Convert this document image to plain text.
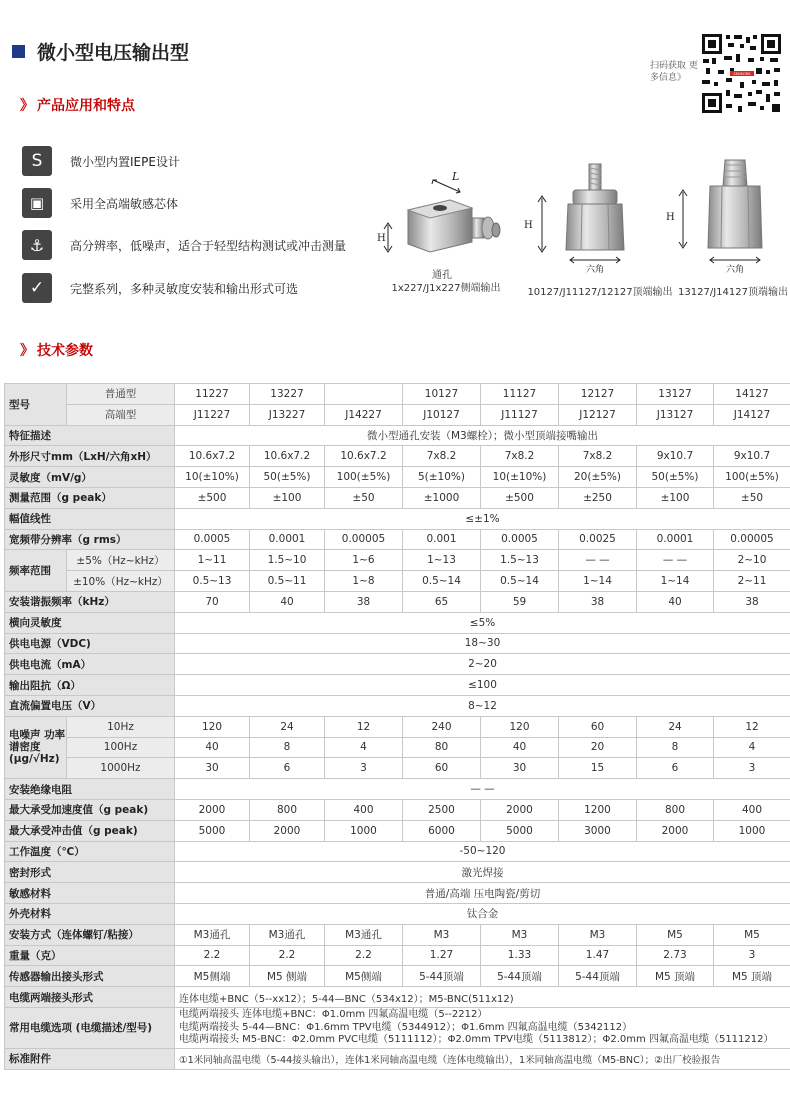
微小型电压输出型
扫码获取 更多信息》	SENSORS
》 产品应用和特点
S	微小型内置IEPE设计
▣	采用全高端敏感芯体
⚓	高分辨率，低噪声，适合于轻型结构测试或冲击测量
✓	完整系列，多种灵敏度安装和输出形式可选
H
L
H
六角
H
六角
通孔
1x227/J1x227侧端输出	10127/J11127/12127顶端输出 13127/J14127顶端输出
》 技术参数
型号	普通型	11227	13227		10127	11127	12127	13127	14127
	高端型	J11227	J13227	J14227	J10127	J11127	J12127	J13127	J14127
特征描述		微小型通孔安装（M3螺栓）；微小型顶端接嘴输出							
外形尺寸mm（LxH/六角xH）		10.6x7.2	10.6x7.2	10.6x7.2	7x8.2	7x8.2	7x8.2	9x10.7	9x10.7
灵敏度（mV/g）		10(±10%)	50(±5%)	100(±5%)	5(±10%)	10(±10%)	20(±5%)	50(±5%)	100(±5%)
测量范围（g peak）		±500	±100	±50	±1000	±500	±250	±100	±50
幅值线性		≤±1%							
宽频带分辨率（g rms）		0.0005	0.0001	0.00005	0.001	0.0005	0.0025	0.0001	0.00005
频率范围	±5%（Hz~kHz）	1~11	1.5~10	1~6	1~13	1.5~13	— —	— —	2~10
	±10%（Hz~kHz）	0.5~13	0.5~11	1~8	0.5~14	0.5~14	1~14	1~14	2~11
安装谐振频率（kHz）		70	40	38	65	59	38	40	38
横向灵敏度		≤5%							
供电电源（VDC)		18~30							
供电电流（mA）		2~20							
输出阻抗（Ω）		≤100							
直流偏置电压（V）		8~12							
电噪声 功率谱密度 (μg/√Hz)	10Hz	120	24	12	240	120	60	24	12
	100Hz	40	8	4	80	40	20	8	4
	1000Hz	30	6	3	60	30	15	6	3
安装绝缘电阻		— —							
最大承受加速度值（g peak)		2000	800	400	2500	2000	1200	800	400
最大承受冲击值（g peak)		5000	2000	1000	6000	5000	3000	2000	1000
工作温度（℃）		-50~120							
密封形式		激光焊接							
敏感材料		普通/高端 压电陶瓷/剪切							
外壳材料		钛合金							
安装方式（连体螺钉/粘接）		M3通孔	M3通孔	M3通孔	M3	M3	M3	M5	M5
重量（克）		2.2	2.2	2.2	1.27	1.33	1.47	2.73	3
传感器输出接头形式		M5侧端	M5 侧端	M5侧端	5-44顶端	5-44顶端	5-44顶端	M5 顶端	M5 顶端
电缆两端接头形式		连体电缆+BNC（5--xx12）；5-44—BNC（534x12）；M5-BNC(511x12)							
常用电缆选项 (电缆描述/型号)		电缆两端接头 连体电缆+BNC：Φ1.0mm 四氟高温电缆（5--2212）
电缆两端接头 5-44—BNC：Φ1.6mm TPV电缆（5344912）；Φ1.6mm 四氟高温电缆（5342112）
电缆两端接头 M5-BNC：Φ2.0mm PVC电缆（5111112）；Φ2.0mm TPV电缆（5113812）；Φ2.0mm 四氟高温电缆（5111212）							

标准附件		①1米同轴高温电缆（5-44接头输出），连体1米同轴高温电缆（连体电缆输出），1米同轴高温电缆（M5-BNC）；②出厂校验报告							
